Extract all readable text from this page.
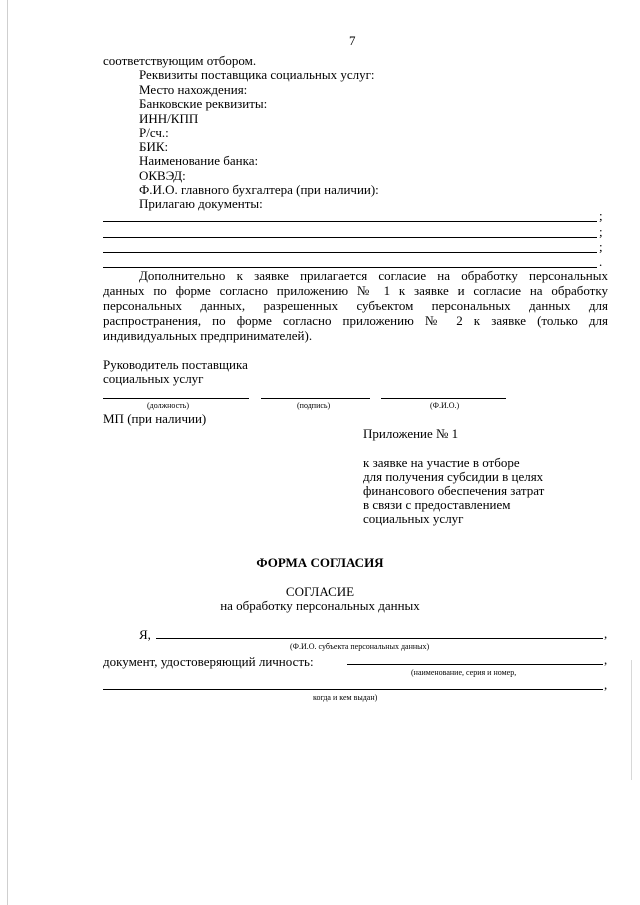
7
соответствующим отбором.
Реквизиты поставщика социальных услуг:
Место нахождения:
Банковские реквизиты:
ИНН/КПП
Р/сч.:
БИК:
Наименование банка:
ОКВЭД:
Ф.И.О. главного бухгалтера (при наличии):
Прилагаю документы:
;
;
;
.
Дополнительно к заявке прилагается согласие на обработку персональных
данных по форме согласно приложению № 1 к заявке и согласие на обработку
персональных данных, разрешенных субъектом персональных данных для
распространения, по форме согласно приложению № 2 к заявке (только для
индивидуальных предпринимателей).
Руководитель поставщика
социальных услуг
(должность)	(подпись)	(Ф.И.О.)
МП (при наличии)
Приложение № 1
к заявке на участие в отборе
для получения субсидии в целях
финансового обеспечения затрат
в связи с предоставлением
социальных услуг
ФОРМА СОГЛАСИЯ
СОГЛАСИЕ
на обработку персональных данных
Я,	,
(Ф.И.О. субъекта персональных данных)
документ, удостоверяющий личность:	,
(наименование, серия и номер,
,
когда и кем выдан)
